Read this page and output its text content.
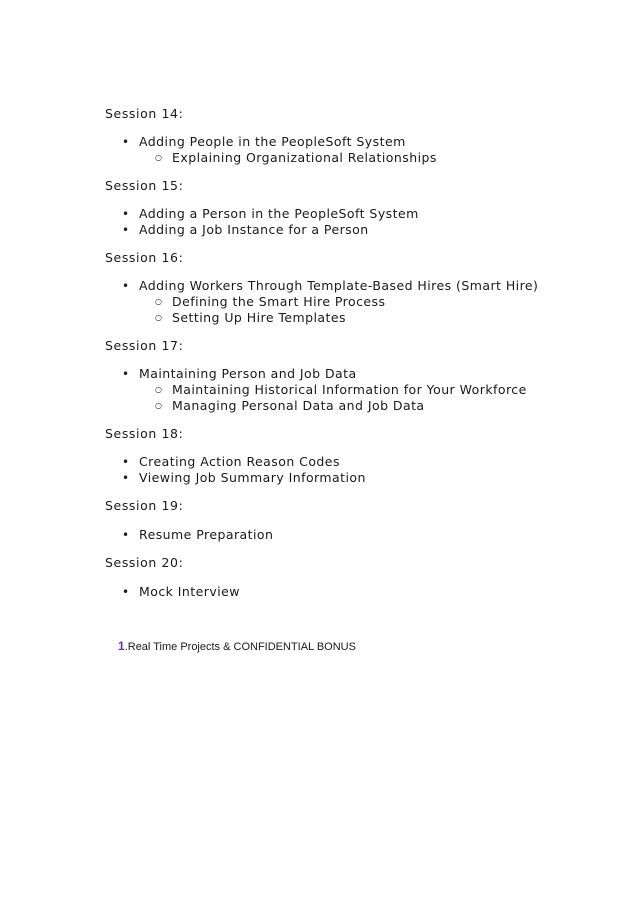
Session 14:
• Adding People in the PeopleSoft System
○ Explaining Organizational Relationships
Session 15:
• Adding a Person in the PeopleSoft System
• Adding a Job Instance for a Person
Session 16:
• Adding Workers Through Template-Based Hires (Smart Hire)
○ Defining the Smart Hire Process
○ Setting Up Hire Templates
Session 17:
• Maintaining Person and Job Data
○ Maintaining Historical Information for Your Workforce
○ Managing Personal Data and Job Data
Session 18:
• Creating Action Reason Codes
• Viewing Job Summary Information
Session 19:
• Resume Preparation
Session 20:
• Mock Interview
1.Real Time Projects & CONFIDENTIAL BONUS
